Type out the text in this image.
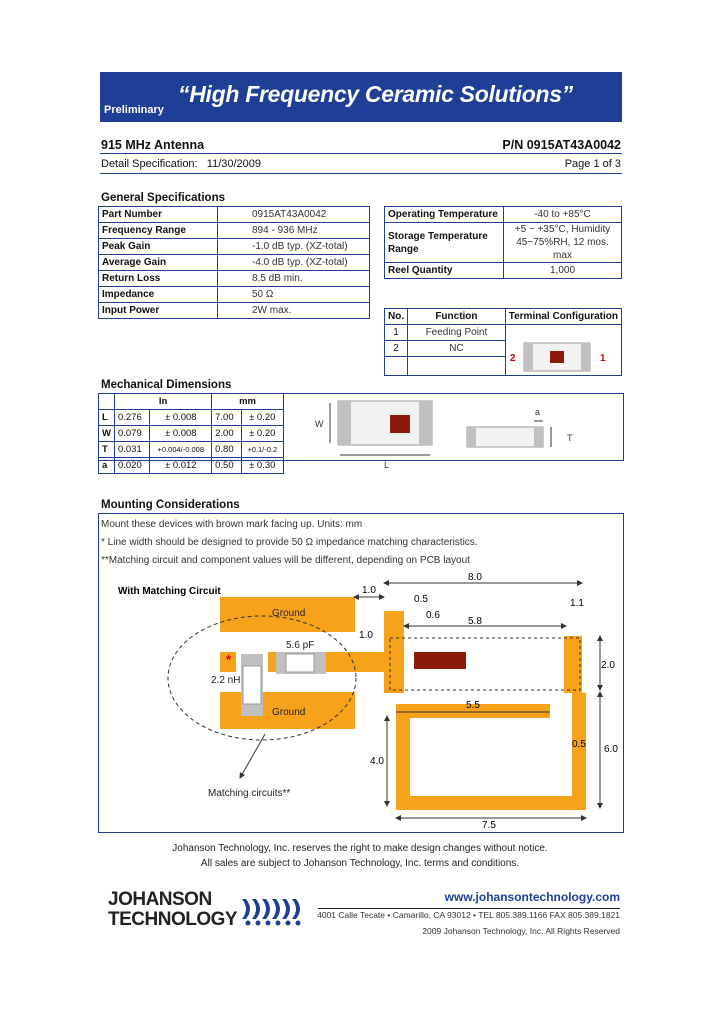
Preliminary
“High Frequency Ceramic Solutions”
915 MHz Antenna	P/N 0915AT43A0042
Detail Specification:   11/30/2009	Page 1 of 3
General Specifications
Part Number	0915AT43A0042
Frequency Range	894 - 936 MHz
Peak Gain	-1.0 dB typ. (XZ-total)
Average Gain	-4.0 dB typ. (XZ-total)
Return Loss	8.5 dB min.
Impedance	50 Ω
Input Power	2W max.
Operating Temperature	-40 to +85°C
Storage Temperature Range	+5 ~ +35°C, Humidity 45~75%RH, 12 mos. max
Reel Quantity	1,000
No.	Function	Terminal Configuration
1	Feeding Point	2 1

2	NC	

Mechanical Dimensions
	In		mm	
L	0.276	± 0.008	7.00	± 0.20
W	0.079	± 0.008	2.00	± 0.20
T	0.031	+0.004/-0.008	0.80	+0.1/-0.2
a	0.020	± 0.012	0.50	± 0.30
W
a
T
L
Mounting Considerations
Mount these devices with brown mark facing up. Units: mm
* Line width should be designed to provide 50 Ω impedance matching characteristics.
**Matching circuit and component values will be different, depending on PCB layout
With Matching Circuit
Ground
Ground
5.6 pF
2.2 nH
*
Matching circuits**
1.0
8.0
0.5	1.1
0.6
5.8
1.0
2.0
5.5
0.5
4.0
6.0
7.5
Johanson Technology, Inc. reserves the right to make design changes without notice.
All sales are subject to Johanson Technology, Inc. terms and conditions.
JOHANSON
TECHNOLOGY
www.johansontechnology.com
4001 Calle Tecate • Camarillo, CA 93012 • TEL 805.389.1166 FAX 805.389.1821
2009 Johanson Technology, Inc. All Rights Reserved
